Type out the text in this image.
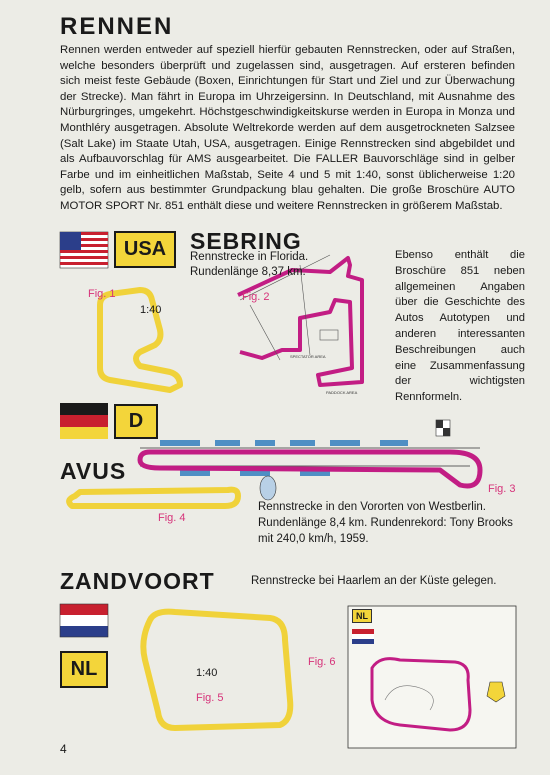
RENNEN
Rennen werden entweder auf speziell hierfür gebauten Rennstrecken, oder auf Straßen, welche besonders überprüft und zugelassen sind, ausgetragen. Auf ersteren befinden sich meist feste Gebäude (Boxen, Einrichtungen für Start und Ziel und zur Überwachung der Strecke). Man fährt in Europa im Uhrzeigersinn. In Deutschland, mit Ausnahme des Nürburgringes, umgekehrt. Höchstgeschwindigkeitskurse werden in Europa in Monza und Monthléry ausgetragen. Absolute Weltrekorde werden auf dem ausgetrockneten Salzsee (Salt Lake) im Staate Utah, USA, ausgetragen. Einige Rennstrecken sind abgebildet und als Aufbauvorschlag für AMS ausgearbeitet. Die FALLER Bauvorschläge sind in gelber Farbe und im einheitlichen Maßstab, Seite 4 und 5 mit 1:40, sonst üblicherweise 1:20 gelb, sofern aus bestimmter Grundpackung blau gehalten. Die große Broschüre AUTO MOTOR SPORT Nr. 851 enthält diese und weitere Rennstrecken in größerem Maßstab.
SPECTATOR AREA
PADDOCK AREA
USA	SEBRING
Rennstrecke in Florida.
Rundenlänge 8,37 km.
Fig. 1	Fig. 2
1:40
Ebenso enthält die Broschüre 851 neben allgemeinen Angaben über die Geschichte des Autos Autotypen und anderen interessanten Beschreibungen auch eine Zusammenfassung der wichtigsten Rennformeln.
D
AVUS
Fig. 3
Fig. 4
Rennstrecke in den Vororten von Westberlin.
Rundenlänge 8,4 km. Rundenrekord: Tony Brooks
mit 240,0 km/h, 1959.
ZANDVOORT	Rennstrecke bei Haarlem an der Küste gelegen.
NL	1:40
Fig. 6
Fig. 5
NL
4
